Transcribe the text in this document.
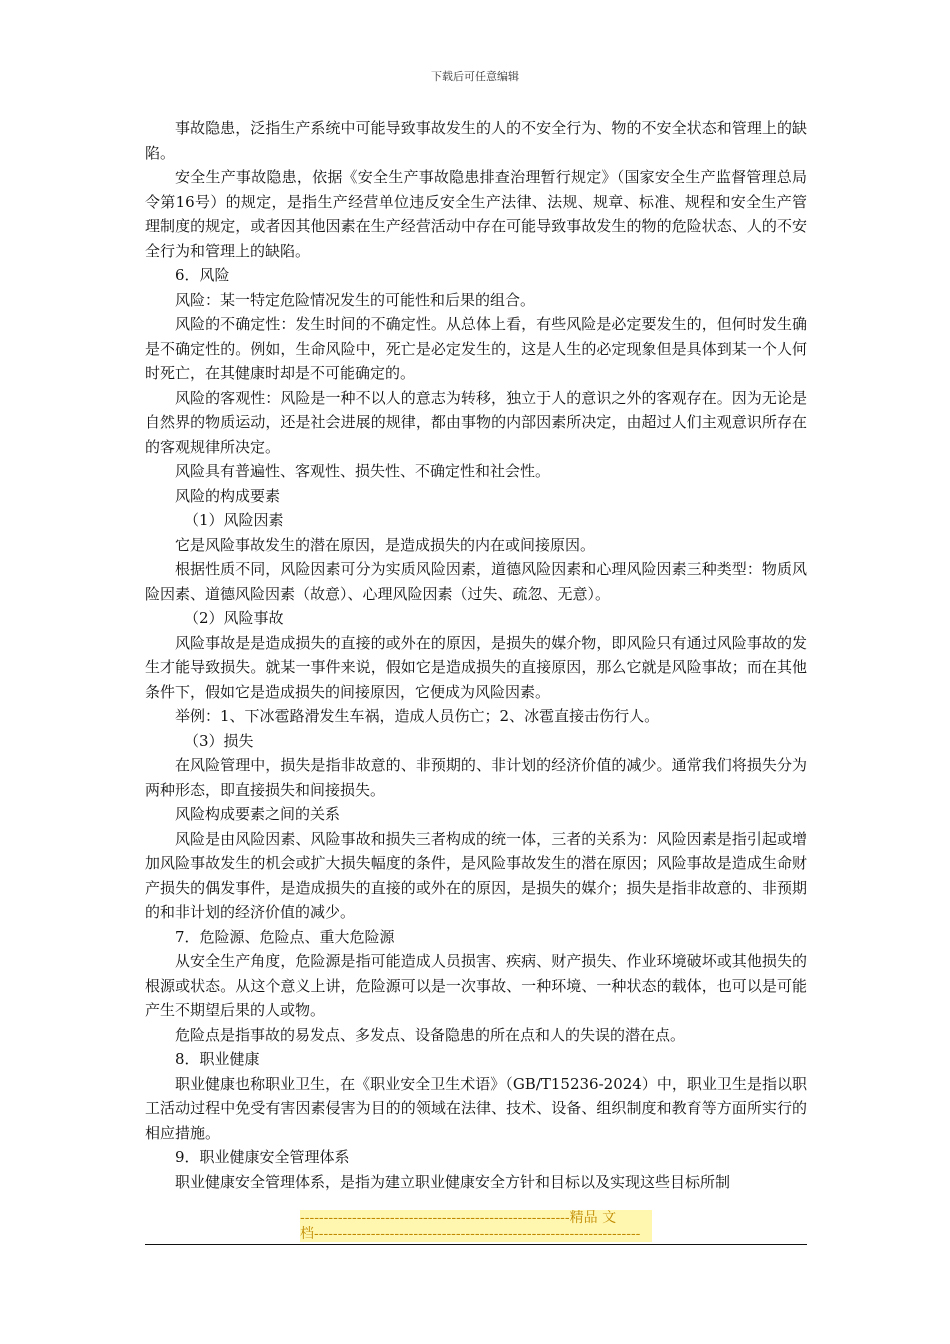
下载后可任意编辑

事故隐患，泛指生产系统中可能导致事故发生的人的不安全行为、物的不安全状态和管理上的缺陷。

安全生产事故隐患，依据《安全生产事故隐患排查治理暂行规定》（国家安全生产监督管理总局令第16号）的规定，是指生产经营单位违反安全生产法律、法规、规章、标准、规程和安全生产管理制度的规定，或者因其他因素在生产经营活动中存在可能导致事故发生的物的危险状态、人的不安全行为和管理上的缺陷。

6．风险

风险：某一特定危险情况发生的可能性和后果的组合。

风险的不确定性：发生时间的不确定性。从总体上看，有些风险是必定要发生的，但何时发生确是不确定性的。例如，生命风险中，死亡是必定发生的，这是人生的必定现象但是具体到某一个人何时死亡，在其健康时却是不可能确定的。

风险的客观性：风险是一种不以人的意志为转移，独立于人的意识之外的客观存在。因为无论是自然界的物质运动，还是社会进展的规律，都由事物的内部因素所决定，由超过人们主观意识所存在的客观规律所决定。

风险具有普遍性、客观性、损失性、不确定性和社会性。

风险的构成要素

（1）风险因素

它是风险事故发生的潜在原因，是造成损失的内在或间接原因。

根据性质不同，风险因素可分为实质风险因素，道德风险因素和心理风险因素三种类型：物质风险因素、道德风险因素（故意）、心理风险因素（过失、疏忽、无意）。

（2）风险事故

风险事故是是造成损失的直接的或外在的原因，是损失的媒介物，即风险只有通过风险事故的发生才能导致损失。就某一事件来说，假如它是造成损失的直接原因，那么它就是风险事故；而在其他条件下，假如它是造成损失的间接原因，它便成为风险因素。

举例：1、下冰雹路滑发生车祸，造成人员伤亡；2、冰雹直接击伤行人。

（3）损失

在风险管理中，损失是指非故意的、非预期的、非计划的经济价值的减少。通常我们将损失分为两种形态，即直接损失和间接损失。

风险构成要素之间的关系

风险是由风险因素、风险事故和损失三者构成的统一体，三者的关系为：风险因素是指引起或增加风险事故发生的机会或扩大损失幅度的条件，是风险事故发生的潜在原因；风险事故是造成生命财产损失的偶发事件，是造成损失的直接的或外在的原因，是损失的媒介；损失是指非故意的、非预期的和非计划的经济价值的减少。

7．危险源、危险点、重大危险源

从安全生产角度，危险源是指可能造成人员损害、疾病、财产损失、作业环境破坏或其他损失的根源或状态。从这个意义上讲，危险源可以是一次事故、一种环境、一种状态的载体，也可以是可能产生不期望后果的人或物。

危险点是指事故的易发点、多发点、设备隐患的所在点和人的失误的潜在点。

8．职业健康

职业健康也称职业卫生，在《职业安全卫生术语》（GB/T15236-2024）中，职业卫生是指以职工活动过程中免受有害因素侵害为目的的领域在法律、技术、设备、组织制度和教育等方面所实行的相应措施。

9．职业健康安全管理体系

职业健康安全管理体系，是指为建立职业健康安全方针和目标以及实现这些目标所制

---------------------------------------------------------精品 文
档---------------------------------------------------------------------
